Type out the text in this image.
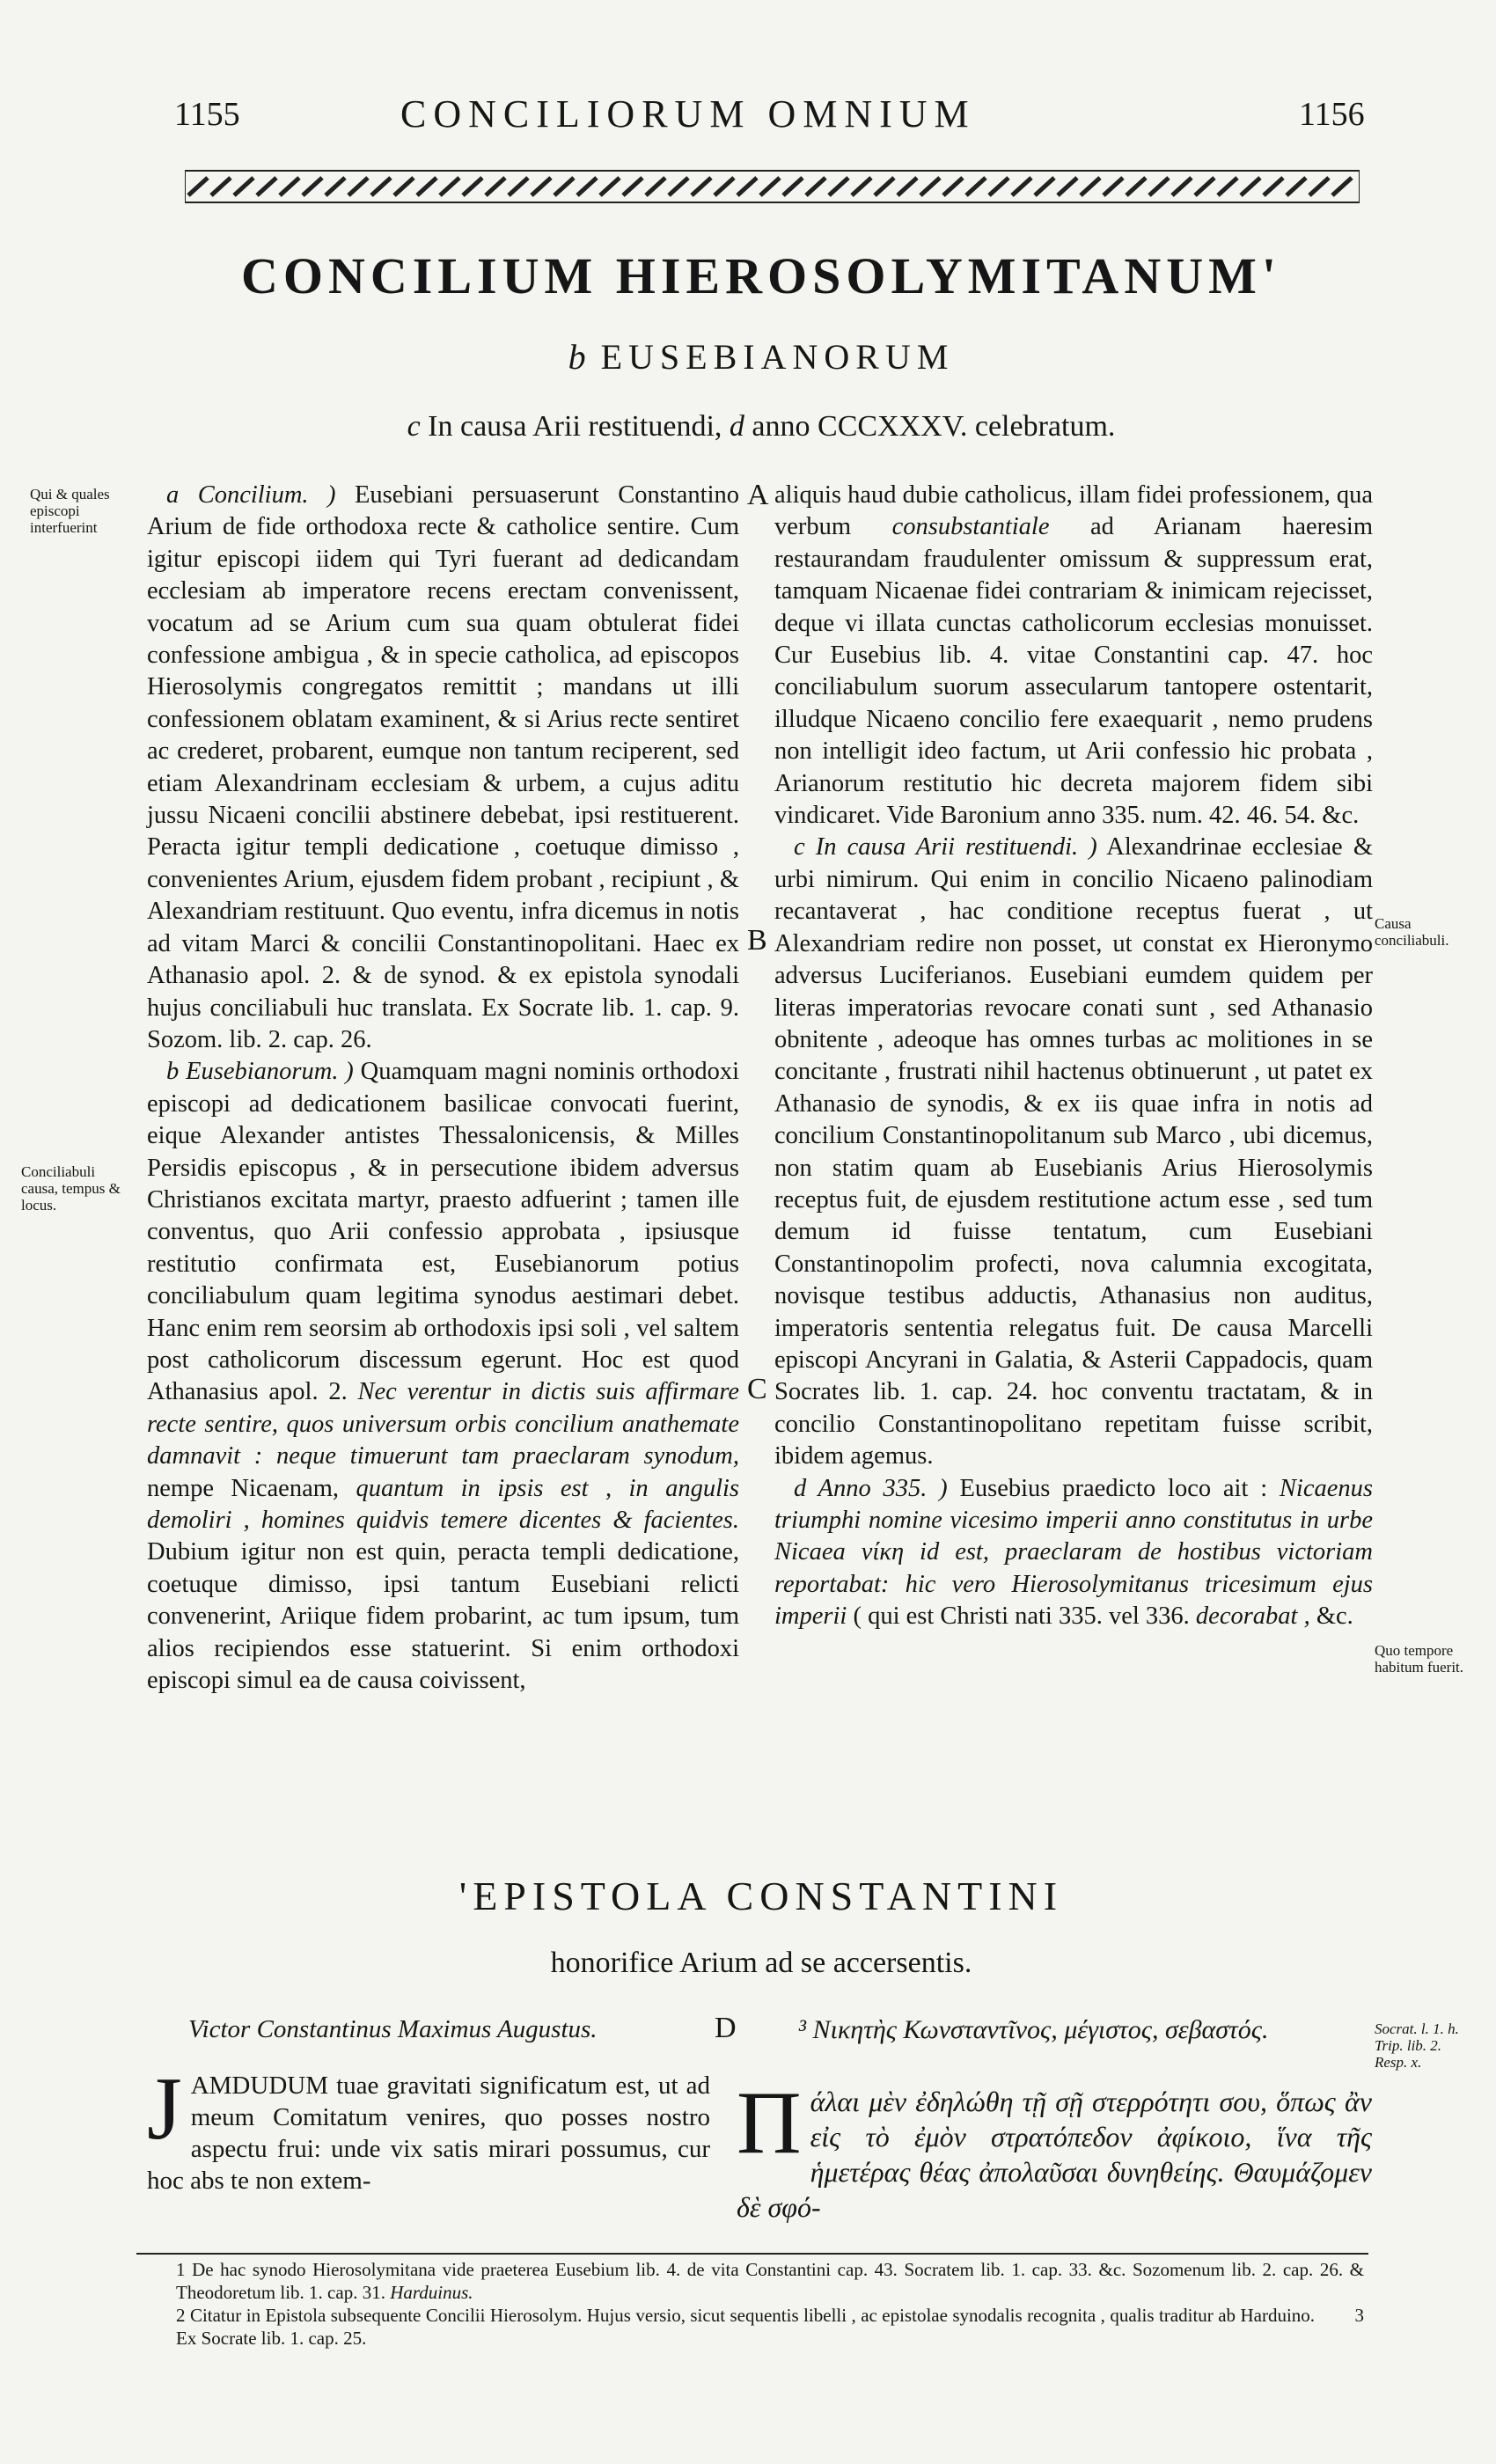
1155	CONCILIORUM OMNIUM	1156
CONCILIUM HIEROSOLYMITANUM'
b EUSEBIANORUM
c In causa Arii restituendi, d anno CCCXXXV. celebratum.
Qui & quales episcopi interfuerint
Conciliabuli causa, tempus & locus.
Causa conciliabuli.
Quo tempore habitum fuerit.
Socrat. l. 1. h. Trip. lib. 2. Resp. x.
A
B
C
D

a Concilium. ) Eusebiani persuaserunt Constantino Arium de fide orthodoxa recte & catholice sentire. Cum igitur episcopi iidem qui Tyri fuerant ad dedicandam ecclesiam ab imperatore recens erectam convenissent, vocatum ad se Arium cum sua quam obtulerat fidei confessione ambigua , & in specie catholica, ad episcopos Hierosolymis congregatos remittit ; mandans ut illi confessionem oblatam examinent, & si Arius recte sentiret ac crederet, probarent, eumque non tantum reciperent, sed etiam Alexandrinam ecclesiam & urbem, a cujus aditu jussu Nicaeni concilii abstinere debebat, ipsi restituerent. Peracta igitur templi dedicatione , coetuque dimisso , convenientes Arium, ejusdem fidem probant , recipiunt , & Alexandriam restituunt. Quo eventu, infra dicemus in notis ad vitam Marci & concilii Constantinopolitani. Haec ex Athanasio apol. 2. & de synod. & ex epistola synodali hujus conciliabuli huc translata. Ex Socrate lib. 1. cap. 9. Sozom. lib. 2. cap. 26.

b Eusebianorum. ) Quamquam magni nominis orthodoxi episcopi ad dedicationem basilicae convocati fuerint, eique Alexander antistes Thessalonicensis, & Milles Persidis episcopus , & in persecutione ibidem adversus Christianos excitata martyr, praesto adfuerint ; tamen ille conventus, quo Arii confessio approbata , ipsiusque restitutio confirmata est, Eusebianorum potius conciliabulum quam legitima synodus aestimari debet. Hanc enim rem seorsim ab orthodoxis ipsi soli , vel saltem post catholicorum discessum egerunt. Hoc est quod Athanasius apol. 2. Nec verentur in dictis suis affirmare recte sentire, quos universum orbis concilium anathemate damnavit : neque timuerunt tam praeclaram synodum, nempe Nicaenam, quantum in ipsis est , in angulis demoliri , homines quidvis temere dicentes & facientes. Dubium igitur non est quin, peracta templi dedicatione, coetuque dimisso, ipsi tantum Eusebiani relicti convenerint, Ariique fidem probarint, ac tum ipsum, tum alios recipiendos esse statuerint. Si enim orthodoxi episcopi simul ea de causa coivissent,

aliquis haud dubie catholicus, illam fidei professionem, qua verbum consubstantiale ad Arianam haeresim restaurandam fraudulenter omissum & suppressum erat, tamquam Nicaenae fidei contrariam & inimicam rejecisset, deque vi illata cunctas catholicorum ecclesias monuisset. Cur Eusebius lib. 4. vitae Constantini cap. 47. hoc conciliabulum suorum assecularum tantopere ostentarit, illudque Nicaeno concilio fere exaequarit , nemo prudens non intelligit ideo factum, ut Arii confessio hic probata , Arianorum restitutio hic decreta majorem fidem sibi vindicaret. Vide Baronium anno 335. num. 42. 46. 54. &c.

c In causa Arii restituendi. ) Alexandrinae ecclesiae & urbi nimirum. Qui enim in concilio Nicaeno palinodiam recantaverat , hac conditione receptus fuerat , ut Alexandriam redire non posset, ut constat ex Hieronymo adversus Luciferianos. Eusebiani eumdem quidem per literas imperatorias revocare conati sunt , sed Athanasio obnitente , adeoque has omnes turbas ac molitiones in se concitante , frustrati nihil hactenus obtinuerunt , ut patet ex Athanasio de synodis, & ex iis quae infra in notis ad concilium Constantinopolitanum sub Marco , ubi dicemus, non statim quam ab Eusebianis Arius Hierosolymis receptus fuit, de ejusdem restitutione actum esse , sed tum demum id fuisse tentatum, cum Eusebiani Constantinopolim profecti, nova calumnia excogitata, novisque testibus adductis, Athanasius non auditus, imperatoris sententia relegatus fuit. De causa Marcelli episcopi Ancyrani in Galatia, & Asterii Cappadocis, quam Socrates lib. 1. cap. 24. hoc conventu tractatam, & in concilio Constantinopolitano repetitam fuisse scribit, ibidem agemus.

d Anno 335. ) Eusebius praedicto loco ait : Nicaenus triumphi nomine vicesimo imperii anno constitutus in urbe Nicaea νίκη id est, praeclaram de hostibus victoriam reportabat: hic vero Hierosolymitanus tricesimum ejus imperii ( qui est Christi nati 335. vel 336. decorabat , &c.

'EPISTOLA CONSTANTINI
honorifice Arium ad se accersentis.
Victor Constantinus Maximus Augustus.	³ Νικητὴς Κωνσταντῖνος, μέγιστος, σεβαστός.
J AMDUDUM tuae gravitati significatum est, ut ad meum Comitatum venires, quo posses nostro aspectu frui: unde vix satis mirari possumus, cur hoc abs te non extem-
Π άλαι μὲν ἐδηλώθη τῇ σῇ στερρότητι σου, ὅπως ἂν εἰς τὸ ἐμὸν στρατόπεδον ἀφίκοιο, ἵνα τῆς ἡμετέρας θέας ἀπολαῦσαι δυνηθείης. Θαυμάζομεν δὲ σφό-

1 De hac synodo Hierosolymitana vide praeterea Eusebium lib. 4. de vita Constantini cap. 43. Socratem lib. 1. cap. 33. &c. Sozomenum lib. 2. cap. 26. & Theodoretum lib. 1. cap. 31. Harduinus.

2 Citatur in Epistola subsequente Concilii Hierosolym. Hujus versio, sicut sequentis libelli , ac epistolae synodalis recognita , qualis traditur ab Harduino. 3 Ex Socrate lib. 1. cap. 25.
